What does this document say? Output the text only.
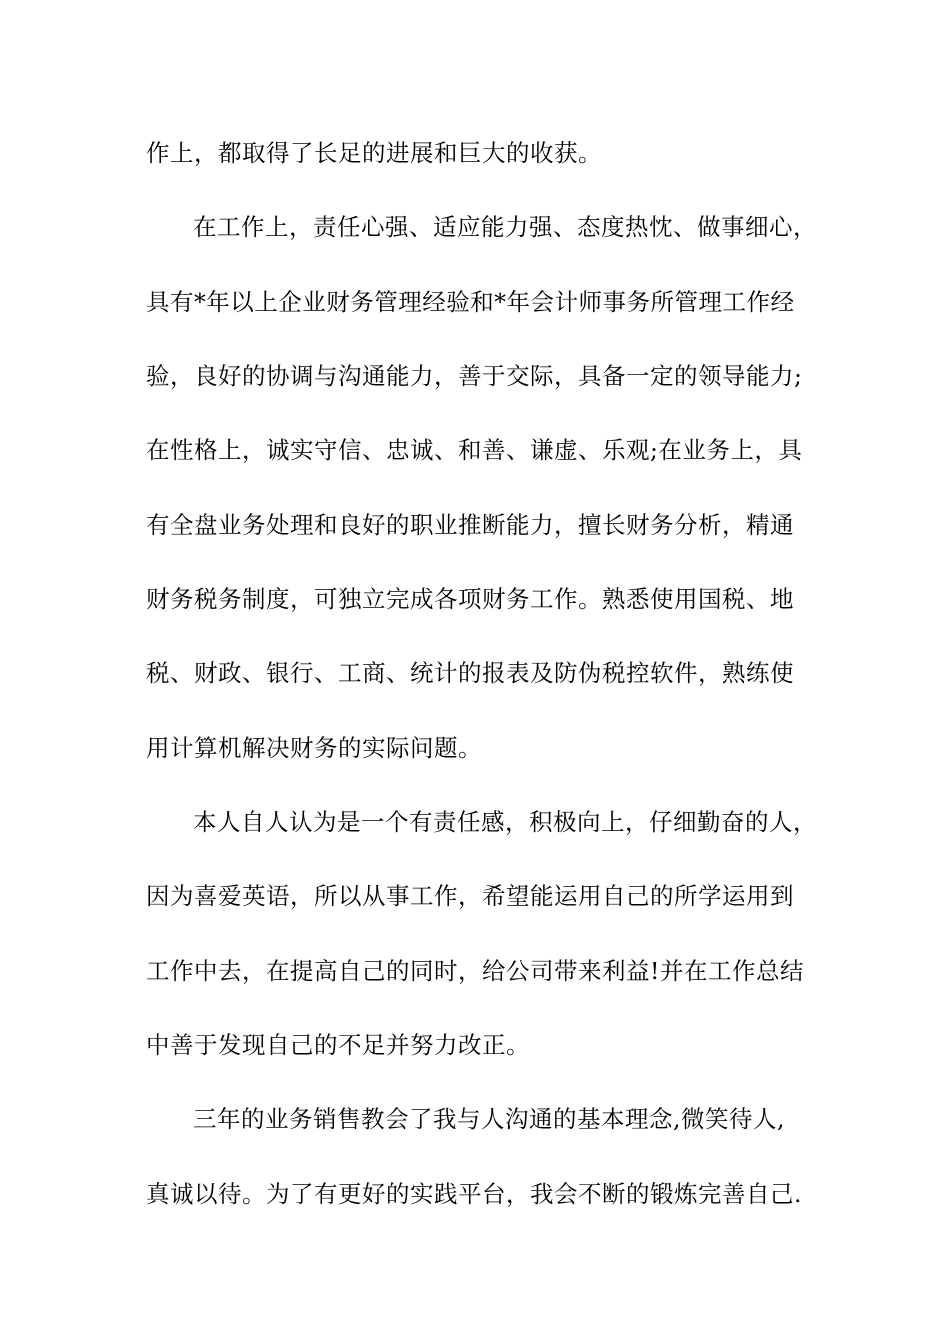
作上，都取得了长足的进展和巨大的收获。
在工作上，责任心强、适应能力强、态度热忱、做事细心，
具有*年以上企业财务管理经验和*年会计师事务所管理工作经
验，良好的协调与沟通能力，善于交际，具备一定的领导能力;
在性格上，诚实守信、忠诚、和善、谦虚、乐观;在业务上，具
有全盘业务处理和良好的职业推断能力，擅长财务分析，精通
财务税务制度，可独立完成各项财务工作。熟悉使用国税、地
税、财政、银行、工商、统计的报表及防伪税控软件，熟练使
用计算机解决财务的实际问题。
本人自人认为是一个有责任感，积极向上，仔细勤奋的人，
因为喜爱英语，所以从事工作，希望能运用自己的所学运用到
工作中去，在提高自己的同时，给公司带来利益!并在工作总结
中善于发现自己的不足并努力改正。
三年的业务销售教会了我与人沟通的基本理念,微笑待人,
真诚以待。为了有更好的实践平台，我会不断的锻炼完善自己.
